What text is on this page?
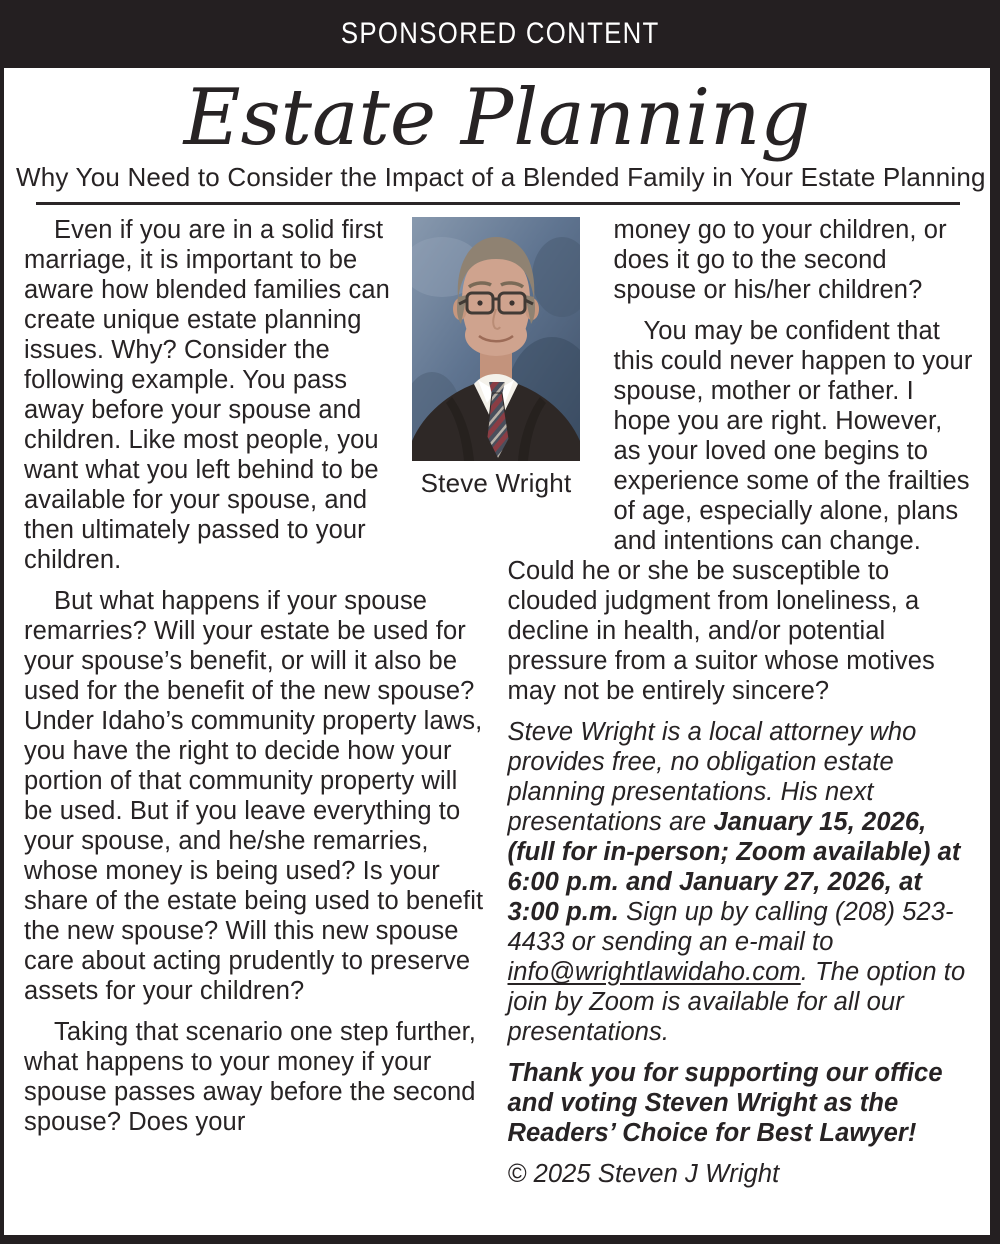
SPONSORED CONTENT
Estate Planning
Why You Need to Consider the Impact of a Blended Family in Your Estate Planning

Even if you are in a solid first marriage, it is important to be aware how blended families can create unique estate planning issues. Why? Consider the following example. You pass away before your spouse and children. Like most people, you want what you left behind to be available for your spouse, and then ultimately passed to your children.

But what happens if your spouse remarries? Will your estate be used for your spouse’s benefit, or will it also be used for the benefit of the new spouse? Under Idaho’s community property laws, you have the right to decide how your portion of that community property will be used. But if you leave everything to your spouse, and he/she remarries, whose money is being used? Is your share of the estate being used to benefit the new spouse? Will this new spouse care about acting prudently to preserve assets for your children?

Taking that scenario one step further, what happens to your money if your spouse passes away before the second spouse? Does your

money go to your children, or does it go to the second spouse or his/her children?

You may be confident that this could never happen to your spouse, mother or father. I hope you are right. However, as your loved one begins to experience some of the frailties of age, especially alone, plans and intentions can change. Could he or she be susceptible to clouded judgment from loneliness, a decline in health, and/or potential pressure from a suitor whose motives may not be entirely sincere?

Steve Wright is a local attorney who provides free, no obligation estate planning presentations. His next presentations are January 15, 2026, (full for in-person; Zoom available) at 6:00 p.m. and January 27, 2026, at 3:00 p.m. Sign up by calling (208) 523-4433 or sending an e-mail to info@wrightlawidaho.com. The option to join by Zoom is available for all our presentations.

Thank you for supporting our office and voting Steven Wright as the Readers’ Choice for Best Lawyer!

© 2025 Steven J Wright

Steve Wright
